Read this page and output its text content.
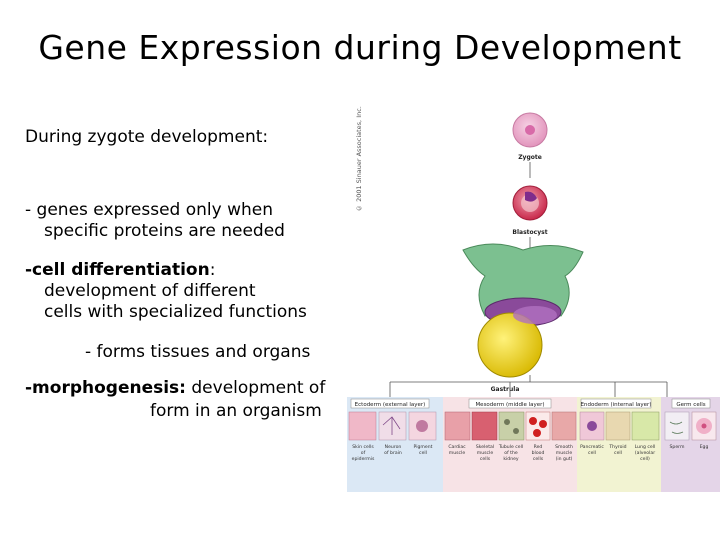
Gene Expression during Development
During zygote development:
- genes expressed only when
specific proteins are needed
-cell differentiation:
development of different
cells with specialized functions
- forms tissues and organs
-morphogenesis: development of
form in an organism
© 2001 Sinauer Associates, Inc.	Zygote
Blastocyst
Gastrula
Ectoderm (external layer)	Mesoderm (middle layer)	Endoderm (internal layer)	Germ cells
Skin cells
of
epidermis
Neuron
of brain
Pigment
cell
Cardiac
muscle
Skeletal
muscle
cells
Tubule cell
of the
kidney
Red
blood
cells
Smooth
muscle
(in gut)
Pancreatic
cell
Thyroid
cell
Lung cell
(alveolar
cell)
Sperm	Egg
